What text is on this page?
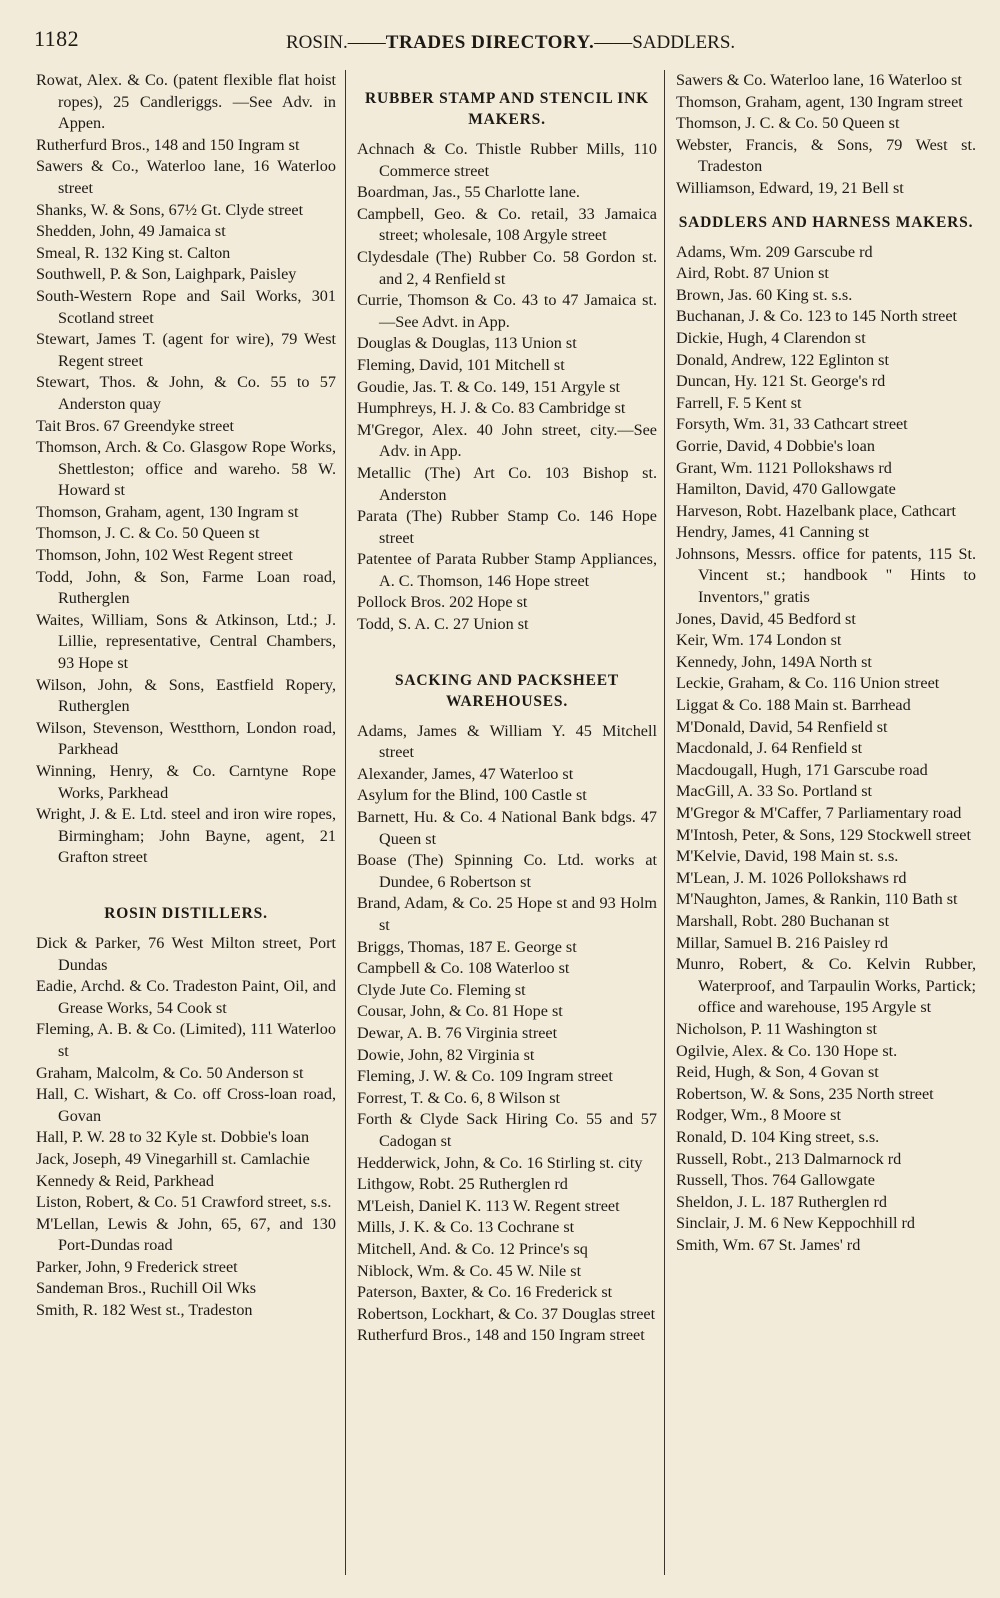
1182	ROSIN.——TRADES DIRECTORY.——SADDLERS.
Rowat, Alex. & Co. (patent flexible flat hoist ropes), 25 Candleriggs. —See Adv. in Appen.
Rutherfurd Bros., 148 and 150 Ingram st
Sawers & Co., Waterloo lane, 16 Waterloo street
Shanks, W. & Sons, 67½ Gt. Clyde street
Shedden, John, 49 Jamaica st
Smeal, R. 132 King st. Calton
Southwell, P. & Son, Laighpark, Paisley
South-Western Rope and Sail Works, 301 Scotland street
Stewart, James T. (agent for wire), 79 West Regent street
Stewart, Thos. & John, & Co. 55 to 57 Anderston quay
Tait Bros. 67 Greendyke street
Thomson, Arch. & Co. Glasgow Rope Works, Shettleston; office and wareho. 58 W. Howard st
Thomson, Graham, agent, 130 Ingram st
Thomson, J. C. & Co. 50 Queen st
Thomson, John, 102 West Regent street
Todd, John, & Son, Farme Loan road, Rutherglen
Waites, William, Sons & Atkinson, Ltd.; J. Lillie, representative, Central Chambers, 93 Hope st
Wilson, John, & Sons, Eastfield Ropery, Rutherglen
Wilson, Stevenson, Westthorn, London road, Parkhead
Winning, Henry, & Co. Carntyne Rope Works, Parkhead
Wright, J. & E. Ltd. steel and iron wire ropes, Birmingham; John Bayne, agent, 21 Grafton street
ROSIN DISTILLERS.
Dick & Parker, 76 West Milton street, Port Dundas
Eadie, Archd. & Co. Tradeston Paint, Oil, and Grease Works, 54 Cook st
Fleming, A. B. & Co. (Limited), 111 Waterloo st
Graham, Malcolm, & Co. 50 Anderson st
Hall, C. Wishart, & Co. off Cross-loan road, Govan
Hall, P. W. 28 to 32 Kyle st. Dobbie's loan
Jack, Joseph, 49 Vinegarhill st. Camlachie
Kennedy & Reid, Parkhead
Liston, Robert, & Co. 51 Crawford street, s.s.
M'Lellan, Lewis & John, 65, 67, and 130 Port-Dundas road
Parker, John, 9 Frederick street
Sandeman Bros., Ruchill Oil Wks
Smith, R. 182 West st., Tradeston
RUBBER STAMP AND STENCIL INK MAKERS.
Achnach & Co. Thistle Rubber Mills, 110 Commerce street
Boardman, Jas., 55 Charlotte lane.
Campbell, Geo. & Co. retail, 33 Jamaica street; wholesale, 108 Argyle street
Clydesdale (The) Rubber Co. 58 Gordon st. and 2, 4 Renfield st
Currie, Thomson & Co. 43 to 47 Jamaica st.—See Advt. in App.
Douglas & Douglas, 113 Union st
Fleming, David, 101 Mitchell st
Goudie, Jas. T. & Co. 149, 151 Argyle st
Humphreys, H. J. & Co. 83 Cambridge st
M'Gregor, Alex. 40 John street, city.—See Adv. in App.
Metallic (The) Art Co. 103 Bishop st. Anderston
Parata (The) Rubber Stamp Co. 146 Hope street
Patentee of Parata Rubber Stamp Appliances, A. C. Thomson, 146 Hope street
Pollock Bros. 202 Hope st
Todd, S. A. C. 27 Union st
SACKING AND PACKSHEET WAREHOUSES.
Adams, James & William Y. 45 Mitchell street
Alexander, James, 47 Waterloo st
Asylum for the Blind, 100 Castle st
Barnett, Hu. & Co. 4 National Bank bdgs. 47 Queen st
Boase (The) Spinning Co. Ltd. works at Dundee, 6 Robertson st
Brand, Adam, & Co. 25 Hope st and 93 Holm st
Briggs, Thomas, 187 E. George st
Campbell & Co. 108 Waterloo st
Clyde Jute Co. Fleming st
Cousar, John, & Co. 81 Hope st
Dewar, A. B. 76 Virginia street
Dowie, John, 82 Virginia st
Fleming, J. W. & Co. 109 Ingram street
Forrest, T. & Co. 6, 8 Wilson st
Forth & Clyde Sack Hiring Co. 55 and 57 Cadogan st
Hedderwick, John, & Co. 16 Stirling st. city
Lithgow, Robt. 25 Rutherglen rd
M'Leish, Daniel K. 113 W. Regent street
Mills, J. K. & Co. 13 Cochrane st
Mitchell, And. & Co. 12 Prince's sq
Niblock, Wm. & Co. 45 W. Nile st
Paterson, Baxter, & Co. 16 Frederick st
Robertson, Lockhart, & Co. 37 Douglas street
Rutherfurd Bros., 148 and 150 Ingram street
Sawers & Co. Waterloo lane, 16 Waterloo st
Thomson, Graham, agent, 130 Ingram street
Thomson, J. C. & Co. 50 Queen st
Webster, Francis, & Sons, 79 West st. Tradeston
Williamson, Edward, 19, 21 Bell st
SADDLERS AND HARNESS MAKERS.
Adams, Wm. 209 Garscube rd
Aird, Robt. 87 Union st
Brown, Jas. 60 King st. s.s.
Buchanan, J. & Co. 123 to 145 North street
Dickie, Hugh, 4 Clarendon st
Donald, Andrew, 122 Eglinton st
Duncan, Hy. 121 St. George's rd
Farrell, F. 5 Kent st
Forsyth, Wm. 31, 33 Cathcart street
Gorrie, David, 4 Dobbie's loan
Grant, Wm. 1121 Pollokshaws rd
Hamilton, David, 470 Gallowgate
Harveson, Robt. Hazelbank place, Cathcart
Hendry, James, 41 Canning st
Johnsons, Messrs. office for patents, 115 St. Vincent st.; handbook " Hints to Inventors," gratis
Jones, David, 45 Bedford st
Keir, Wm. 174 London st
Kennedy, John, 149A North st
Leckie, Graham, & Co. 116 Union street
Liggat & Co. 188 Main st. Barrhead
M'Donald, David, 54 Renfield st
Macdonald, J. 64 Renfield st
Macdougall, Hugh, 171 Garscube road
MacGill, A. 33 So. Portland st
M'Gregor & M'Caffer, 7 Parliamentary road
M'Intosh, Peter, & Sons, 129 Stockwell street
M'Kelvie, David, 198 Main st. s.s.
M'Lean, J. M. 1026 Pollokshaws rd
M'Naughton, James, & Rankin, 110 Bath st
Marshall, Robt. 280 Buchanan st
Millar, Samuel B. 216 Paisley rd
Munro, Robert, & Co. Kelvin Rubber, Waterproof, and Tarpaulin Works, Partick; office and warehouse, 195 Argyle st
Nicholson, P. 11 Washington st
Ogilvie, Alex. & Co. 130 Hope st.
Reid, Hugh, & Son, 4 Govan st
Robertson, W. & Sons, 235 North street
Rodger, Wm., 8 Moore st
Ronald, D. 104 King street, s.s.
Russell, Robt., 213 Dalmarnock rd
Russell, Thos. 764 Gallowgate
Sheldon, J. L. 187 Rutherglen rd
Sinclair, J. M. 6 New Keppochhill rd
Smith, Wm. 67 St. James' rd
